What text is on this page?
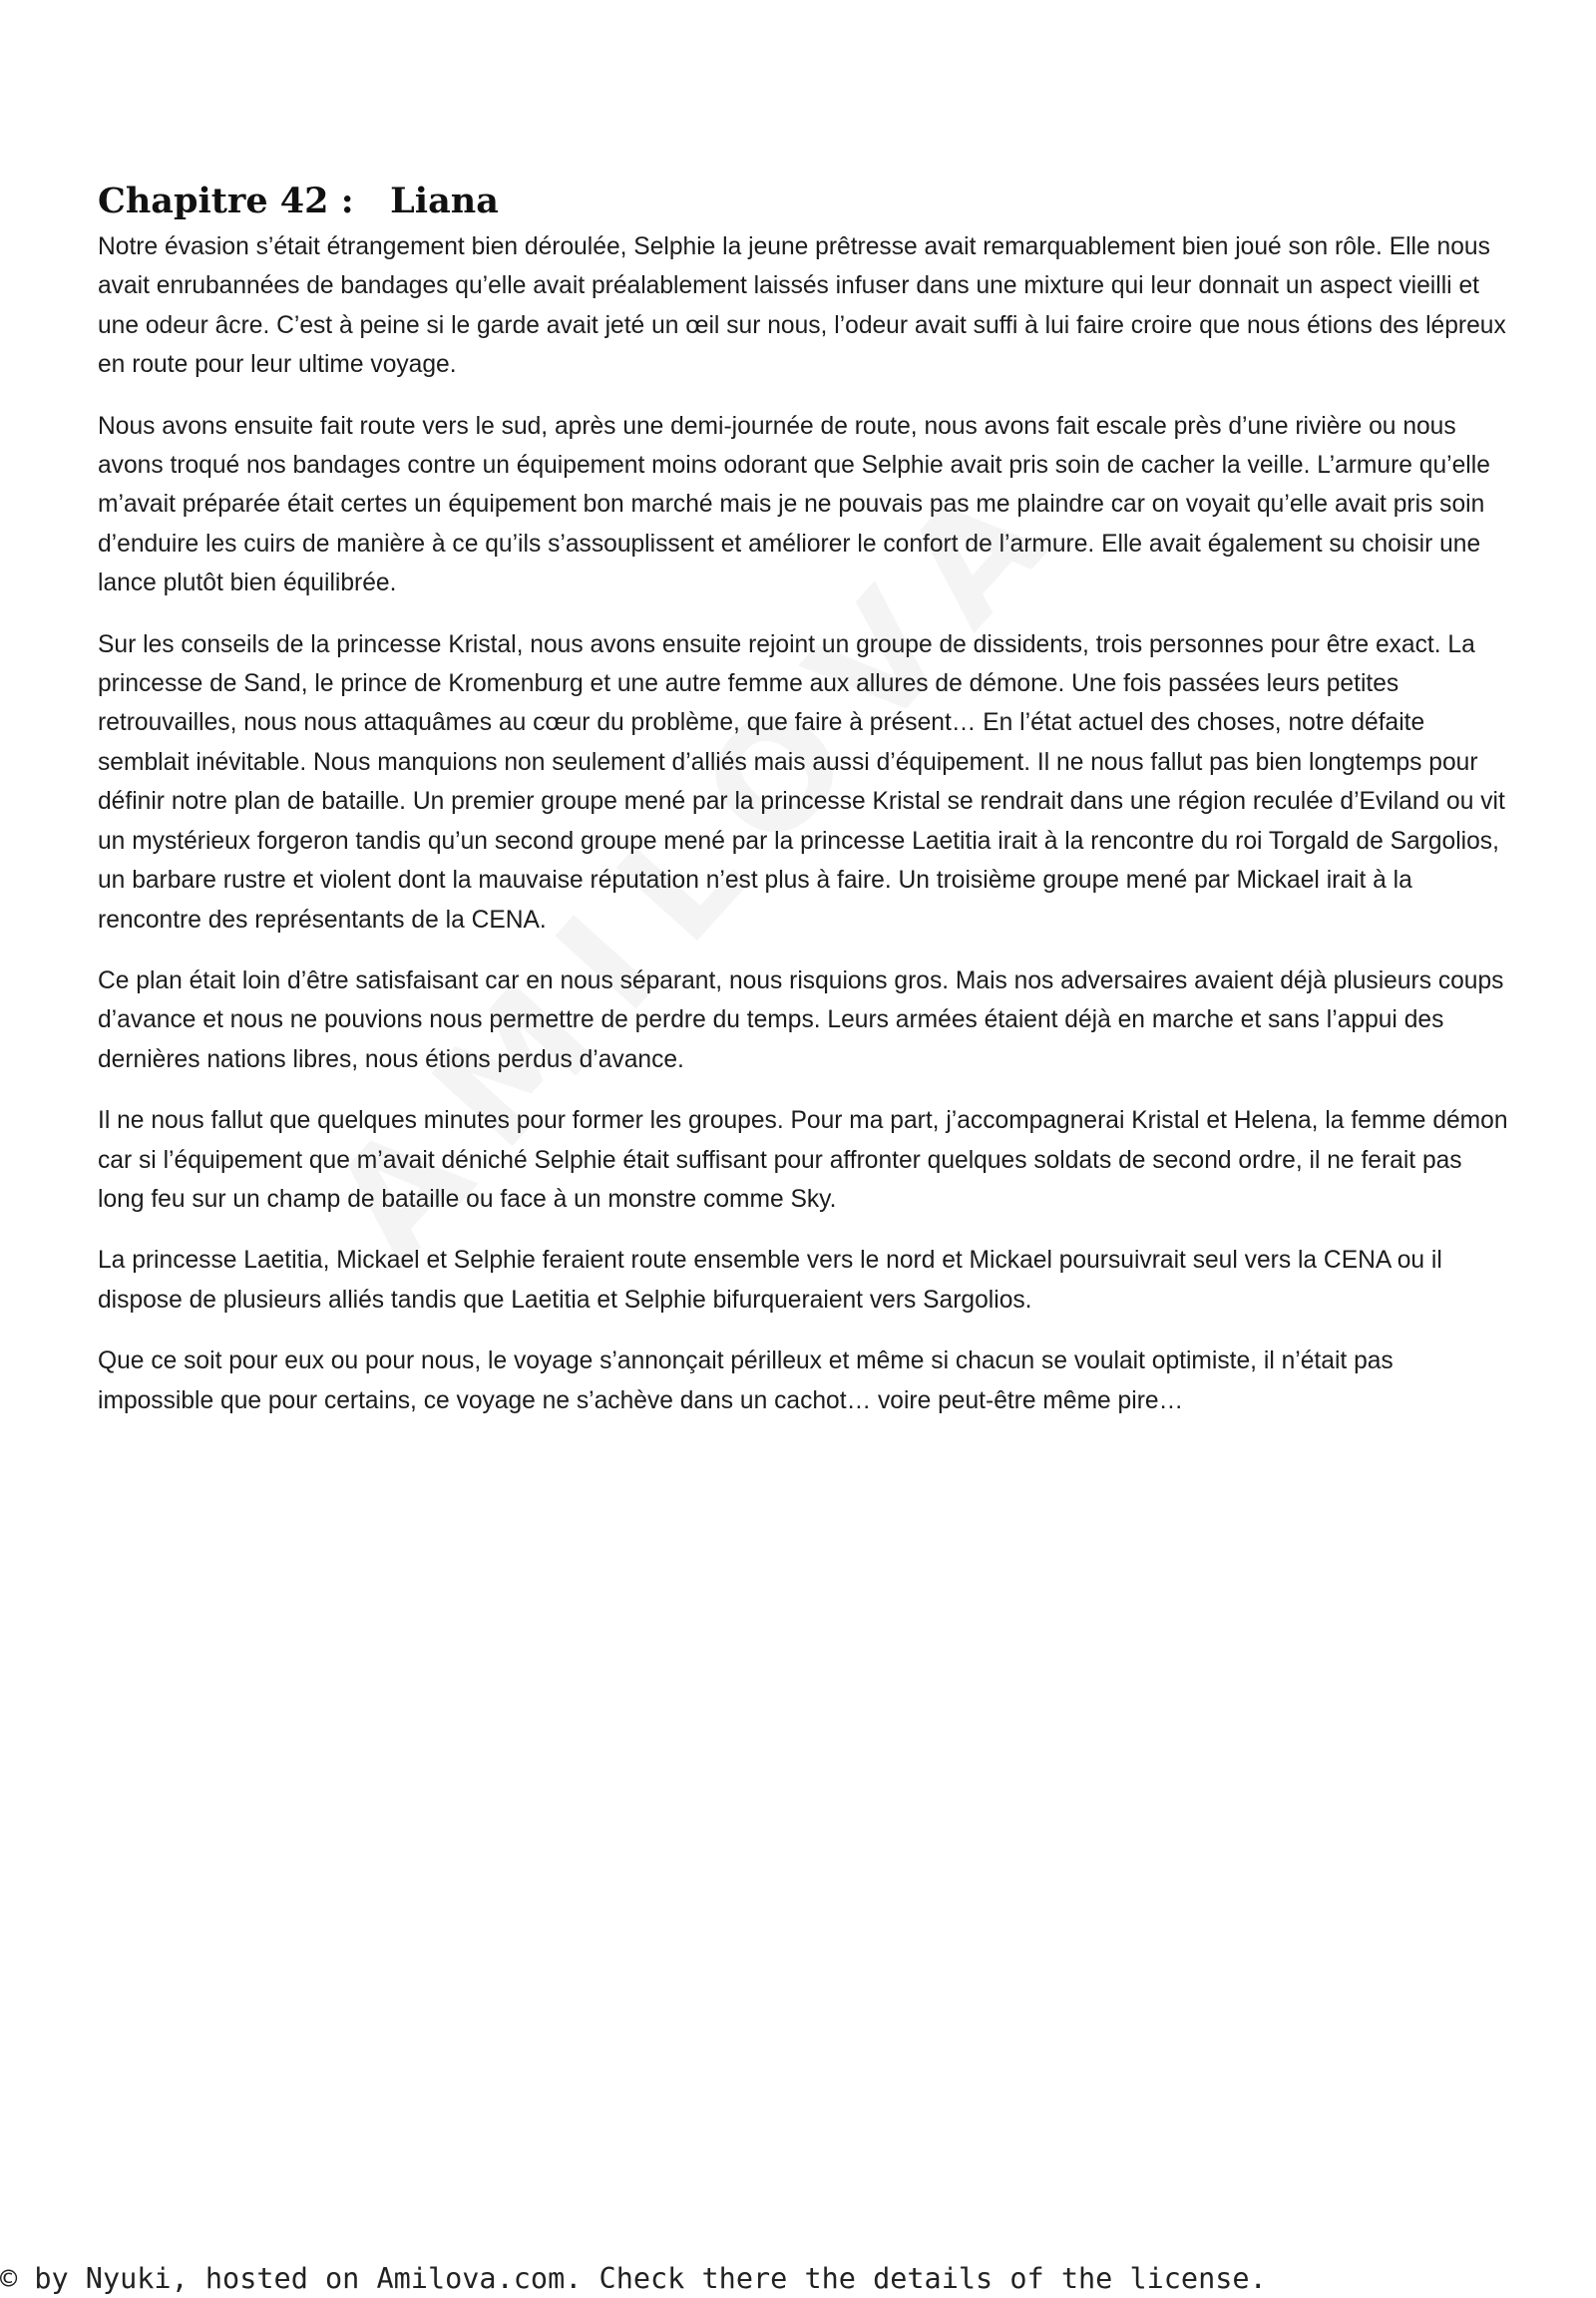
Chapitre 42 :   Liana

Notre évasion s’était étrangement bien déroulée, Selphie la jeune prêtresse avait remarquablement bien joué son rôle. Elle nous avait enrubannées de bandages qu’elle avait préalablement laissés infuser dans une mixture qui leur donnait un aspect vieilli et une odeur âcre. C’est à peine si le garde avait jeté un œil sur nous, l’odeur avait suffi à lui faire croire que nous étions des lépreux en route pour leur ultime voyage.

Nous avons ensuite fait route vers le sud, après une demi-journée de route, nous avons fait escale près d’une rivière ou nous avons troqué nos bandages contre un équipement moins odorant que Selphie avait pris soin de cacher la veille. L’armure qu’elle m’avait préparée était certes un équipement bon marché mais je ne pouvais pas me plaindre car on voyait qu’elle avait pris soin d’enduire les cuirs de manière à ce qu’ils s’assouplissent et améliorer le confort de l’armure. Elle avait également su choisir une lance plutôt bien équilibrée.

Sur les conseils de la princesse Kristal, nous avons ensuite rejoint un groupe de dissidents, trois personnes pour être exact. La princesse de Sand, le prince de Kromenburg et une autre femme aux allures de démone. Une fois passées leurs petites retrouvailles, nous nous attaquâmes au cœur du problème, que faire à présent… En l’état actuel des choses, notre défaite semblait inévitable. Nous manquions non seulement d’alliés mais aussi d’équipement. Il ne nous fallut pas bien longtemps pour définir notre plan de bataille. Un premier groupe mené par la princesse Kristal se rendrait dans une région reculée d’Eviland ou vit un mystérieux forgeron tandis qu’un second groupe mené par la princesse Laetitia irait à la rencontre du roi Torgald de Sargolios, un barbare rustre et violent dont la mauvaise réputation n’est plus à faire. Un troisième groupe mené par Mickael irait à la rencontre des représentants de la CENA.

Ce plan était loin d’être satisfaisant car en nous séparant, nous risquions gros. Mais nos adversaires avaient déjà plusieurs coups d’avance et nous ne pouvions nous permettre de perdre du temps. Leurs armées étaient déjà en marche et sans l’appui des dernières nations libres, nous étions perdus d’avance.

Il ne nous fallut que quelques minutes pour former les groupes. Pour ma part, j’accompagnerai Kristal et Helena, la femme démon car si l’équipement que m’avait déniché Selphie était suffisant pour affronter quelques soldats de second ordre, il ne ferait pas long feu sur un champ de bataille ou face à un monstre comme Sky.

La princesse Laetitia, Mickael et Selphie feraient route ensemble vers le nord et Mickael poursuivrait seul vers la CENA ou il dispose de plusieurs alliés tandis que Laetitia et Selphie bifurqueraient vers Sargolios.

Que ce soit pour eux ou pour nous, le voyage s’annonçait périlleux et même si chacun se voulait optimiste, il n’était pas impossible que pour certains, ce voyage ne s’achève dans un cachot… voire peut-être même pire…

© by Nyuki, hosted on Amilova.com. Check there the details of the license.
